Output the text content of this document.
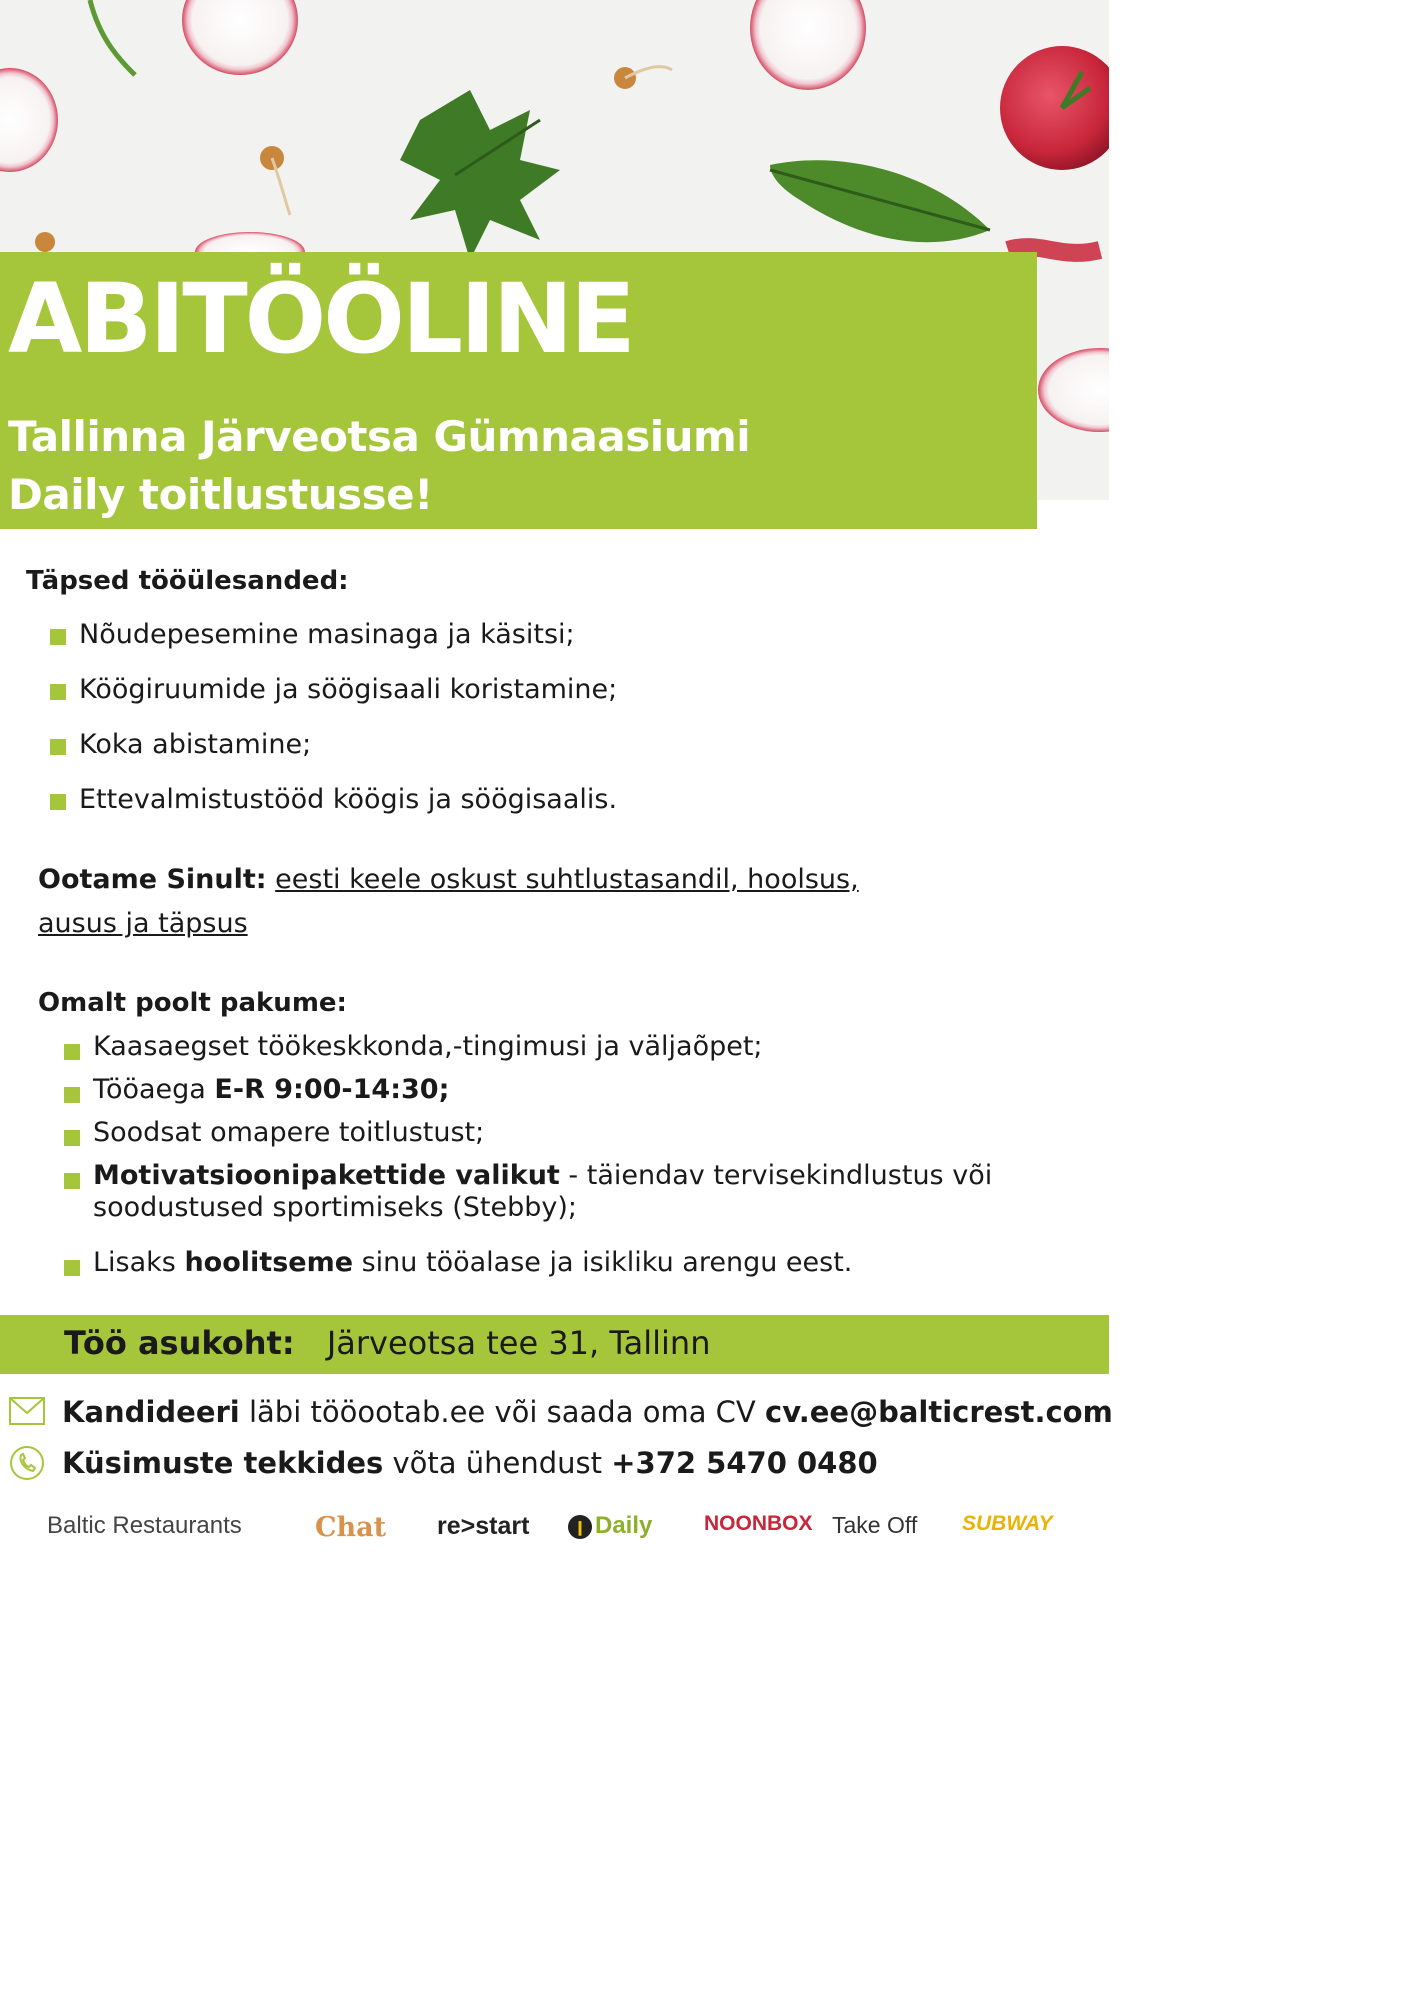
ABITÖÖLINE
Tallinna Järveotsa Gümnaasiumi
Daily toitlustusse!
Täpsed tööülesanded:
Nõudepesemine masinaga ja käsitsi;
Köögiruumide ja söögisaali koristamine;
Koka abistamine;
Ettevalmistustööd köögis ja söögisaalis.
Ootame Sinult: eesti keele oskust suhtlustasandil, hoolsus, ausus ja täpsus
Omalt poolt pakume:
Kaasaegset töökeskkonda,-tingimusi ja väljaõpet;
Tööaega E-R 9:00-14:30;
Soodsat omapere toitlustust;
Motivatsioonipakettide valikut - täiendav tervisekindlustus või soodustused sportimiseks (Stebby);
Lisaks hoolitseme sinu tööalase ja isikliku arengu eest.
Töö asukoht: Järveotsa tee 31, Tallinn
Kandideeri läbi tööootab.ee või saada oma CV cv.ee@balticrest.com
Küsimuste tekkides võta ühendust +372 5470 0480
Baltic Restaurants	Chat re>start	❙ Daily NOONBOX Take Off SUBWAY
